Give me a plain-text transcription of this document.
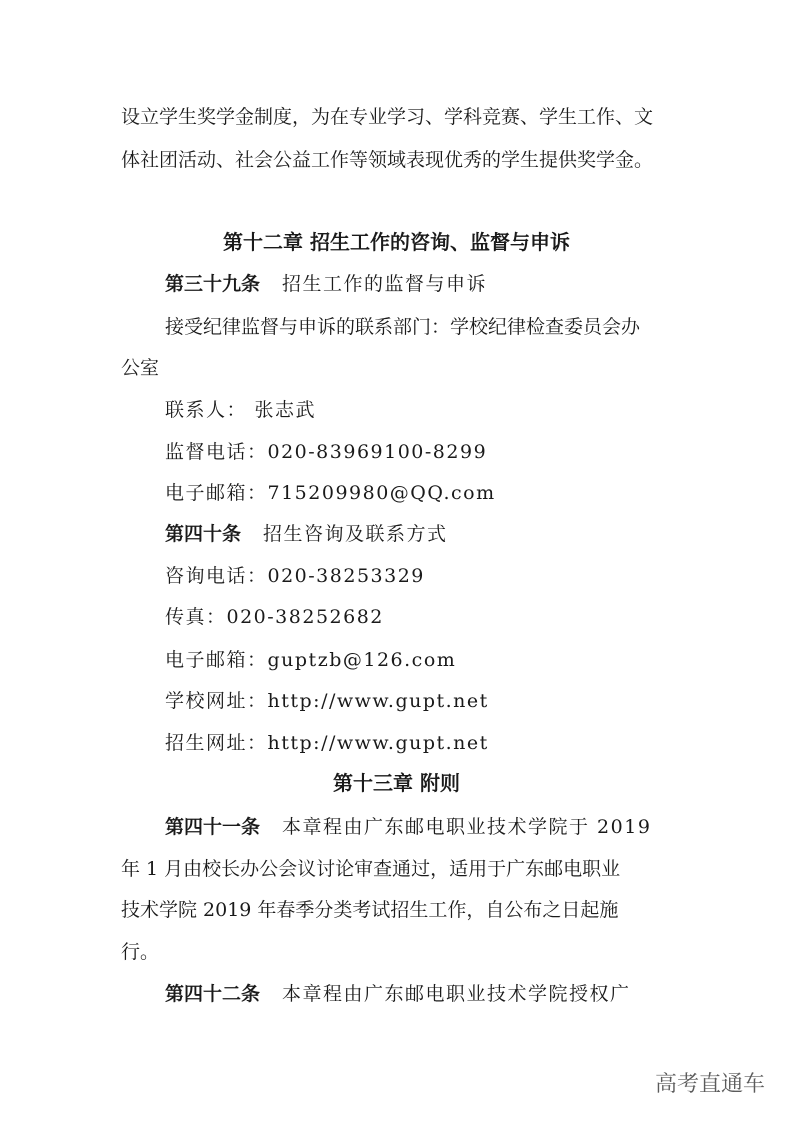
设立学生奖学金制度，为在专业学习、学科竞赛、学生工作、文
体社团活动、社会公益工作等领域表现优秀的学生提供奖学金。
第十二章 招生工作的咨询、监督与申诉
第三十九条 招生工作的监督与申诉
接受纪律监督与申诉的联系部门：学校纪律检查委员会办
公室
联系人： 张志武
监督电话：020-83969100-8299
电子邮箱：715209980@QQ.com
第四十条 招生咨询及联系方式
咨询电话：020-38253329
传真：020-38252682
电子邮箱：guptzb@126.com
学校网址：http://www.gupt.net
招生网址：http://www.gupt.net
第十三章 附则
第四十一条 本章程由广东邮电职业技术学院于 2019
年 1 月由校长办公会议讨论审查通过，适用于广东邮电职业
技术学院 2019 年春季分类考试招生工作，自公布之日起施
行。
第四十二条 本章程由广东邮电职业技术学院授权广
高考直通车
